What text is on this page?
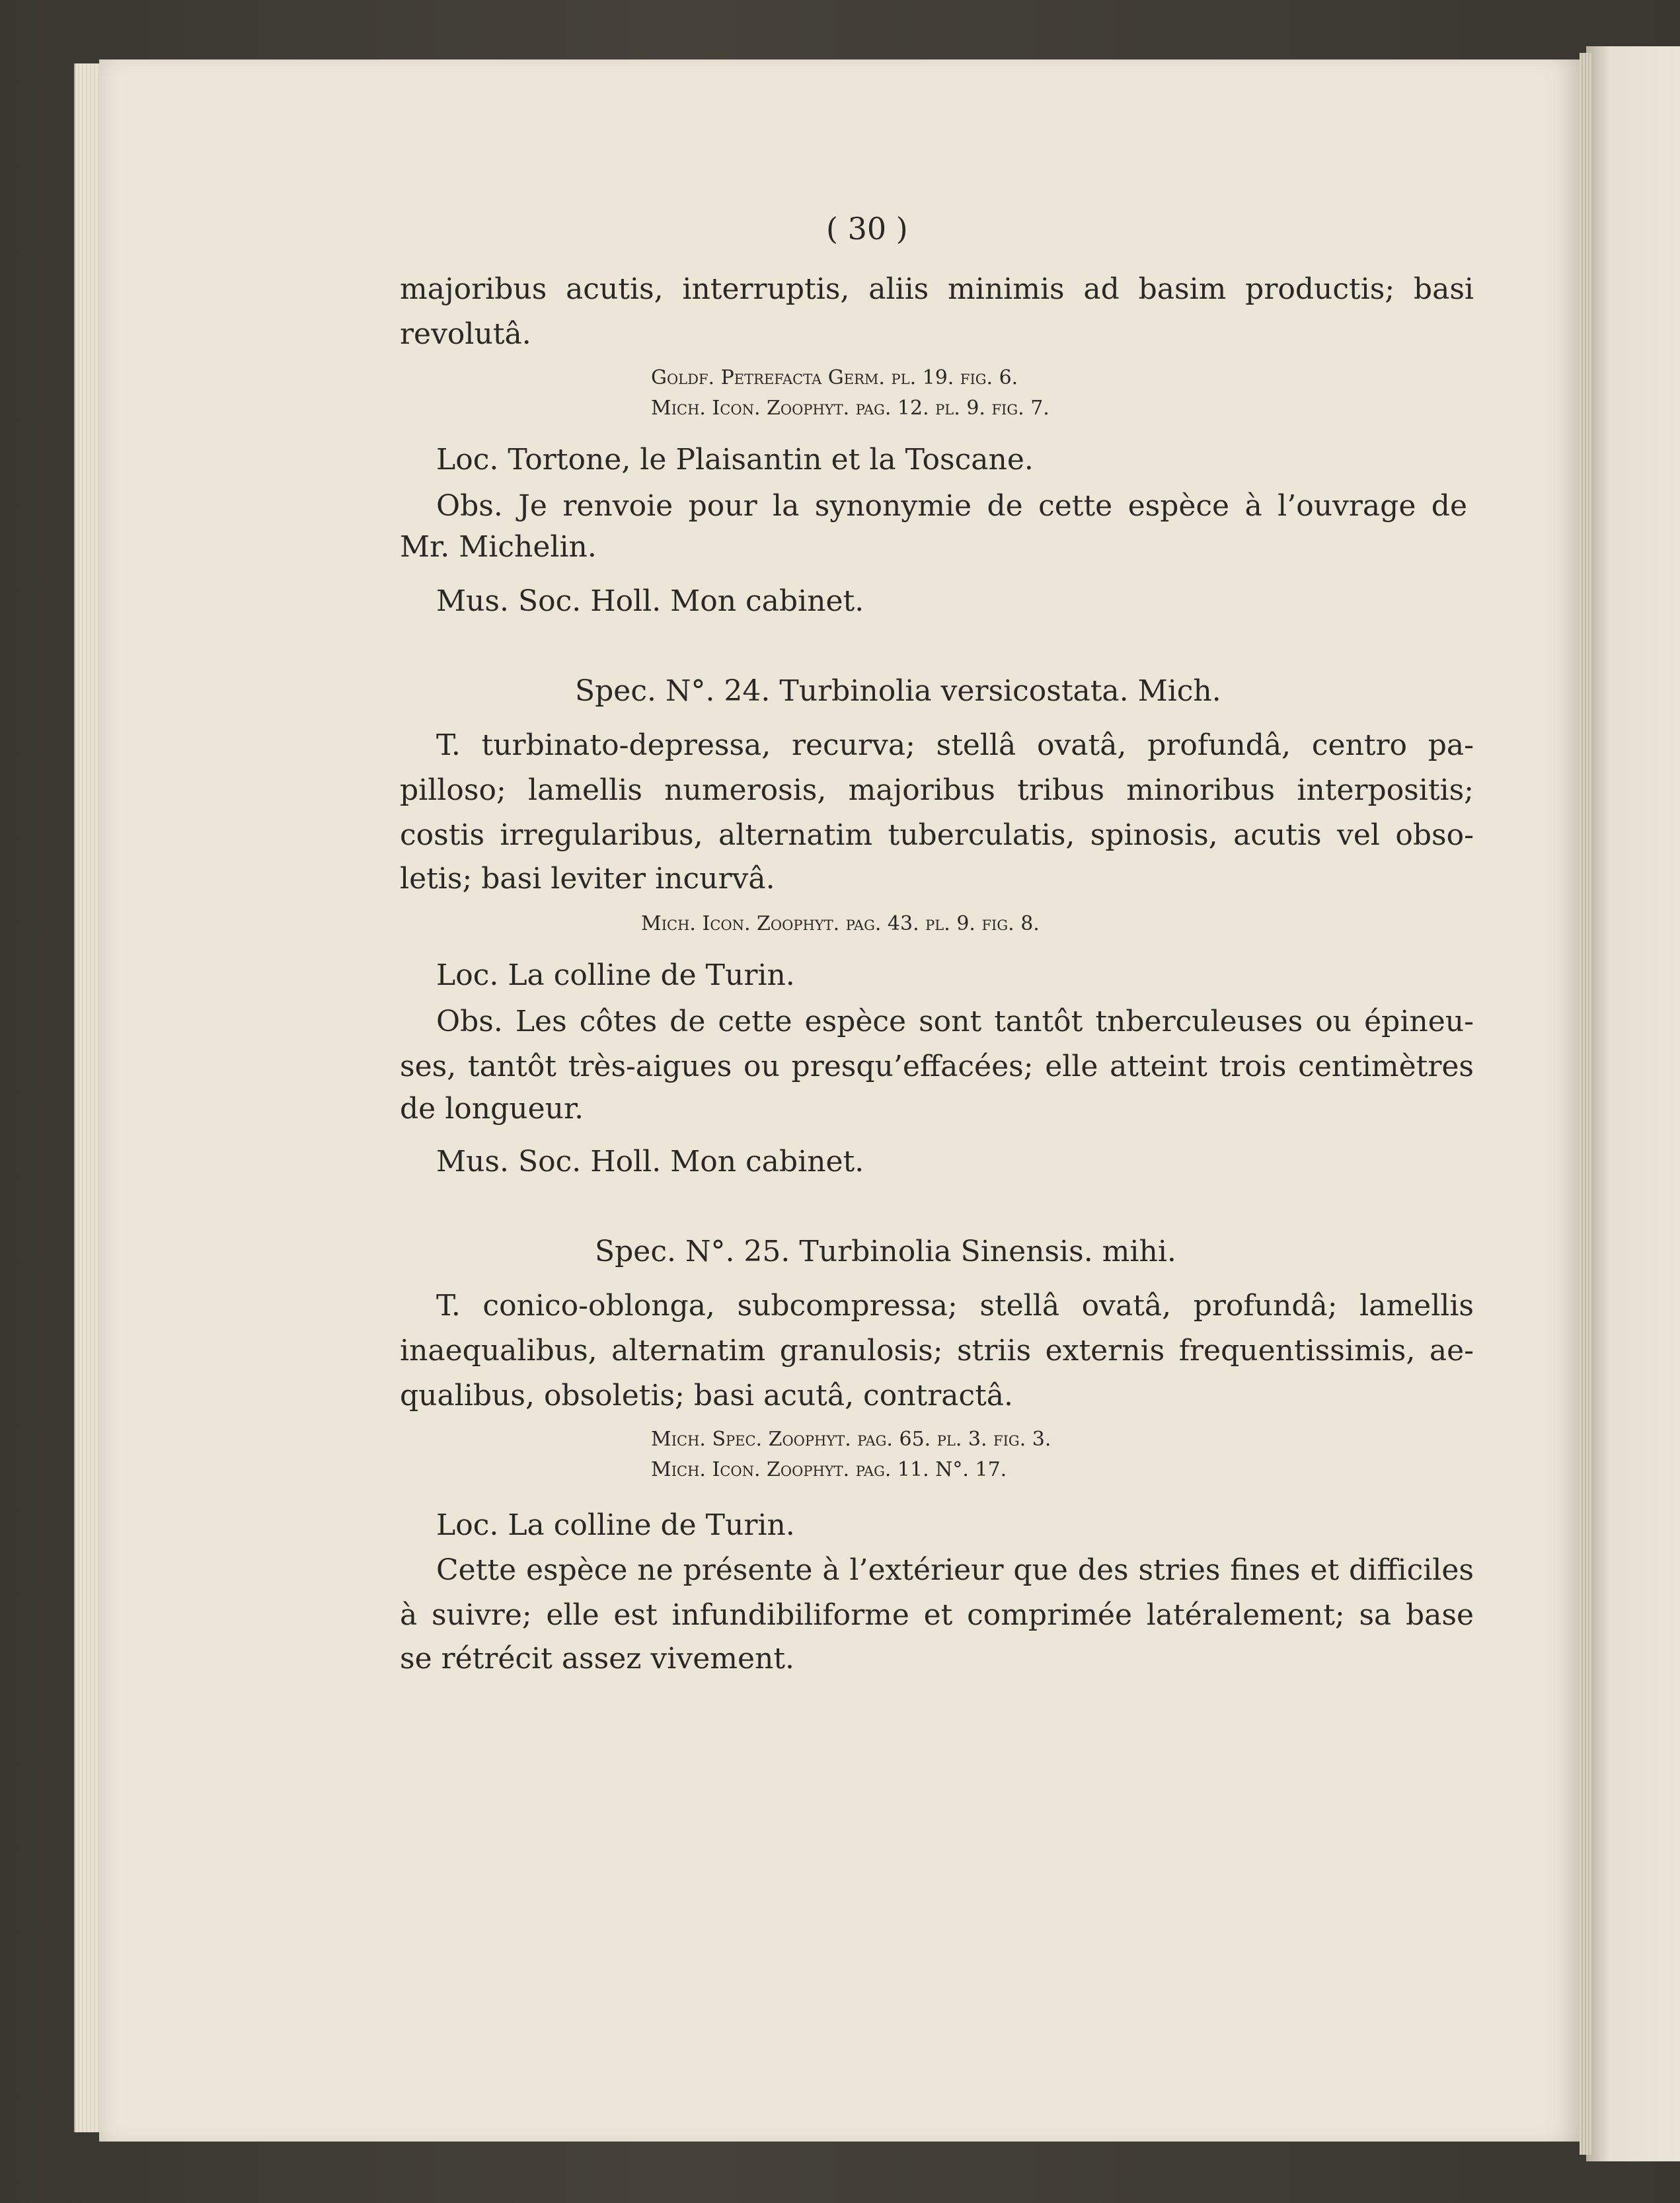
( 30 )
majoribus acutis, interruptis, aliis minimis ad basim productis; basi
revolutâ.
Goldf. Petrefacta Germ. pl. 19. fig. 6.
Mich. Icon. Zoophyt. pag. 12. pl. 9. fig. 7.
Loc. Tortone, le Plaisantin et la Toscane.
Obs. Je renvoie pour la synonymie de cette espèce à l’ouvrage de
Mr. Michelin.
Mus. Soc. Holl. Mon cabinet.
Spec. N°. 24. Turbinolia versicostata. Mich.
T. turbinato-depressa, recurva; stellâ ovatâ, profundâ, centro pa-
pilloso; lamellis numerosis, majoribus tribus minoribus interpositis;
costis irregularibus, alternatim tuberculatis, spinosis, acutis vel obso-
letis; basi leviter incurvâ.
Mich. Icon. Zoophyt. pag. 43. pl. 9. fig. 8.
Loc. La colline de Turin.
Obs. Les côtes de cette espèce sont tantôt tnberculeuses ou épineu-
ses, tantôt très-aigues ou presqu’effacées; elle atteint trois centimètres
de longueur.
Mus. Soc. Holl. Mon cabinet.
Spec. N°. 25. Turbinolia Sinensis. mihi.
T. conico-oblonga, subcompressa; stellâ ovatâ, profundâ; lamellis
inaequalibus, alternatim granulosis; striis externis frequentissimis, ae-
qualibus, obsoletis; basi acutâ, contractâ.
Mich. Spec. Zoophyt. pag. 65. pl. 3. fig. 3.
Mich. Icon. Zoophyt. pag. 11. N°. 17.
Loc. La colline de Turin.
Cette espèce ne présente à l’extérieur que des stries fines et difficiles
à suivre; elle est infundibiliforme et comprimée latéralement; sa base
se rétrécit assez vivement.
